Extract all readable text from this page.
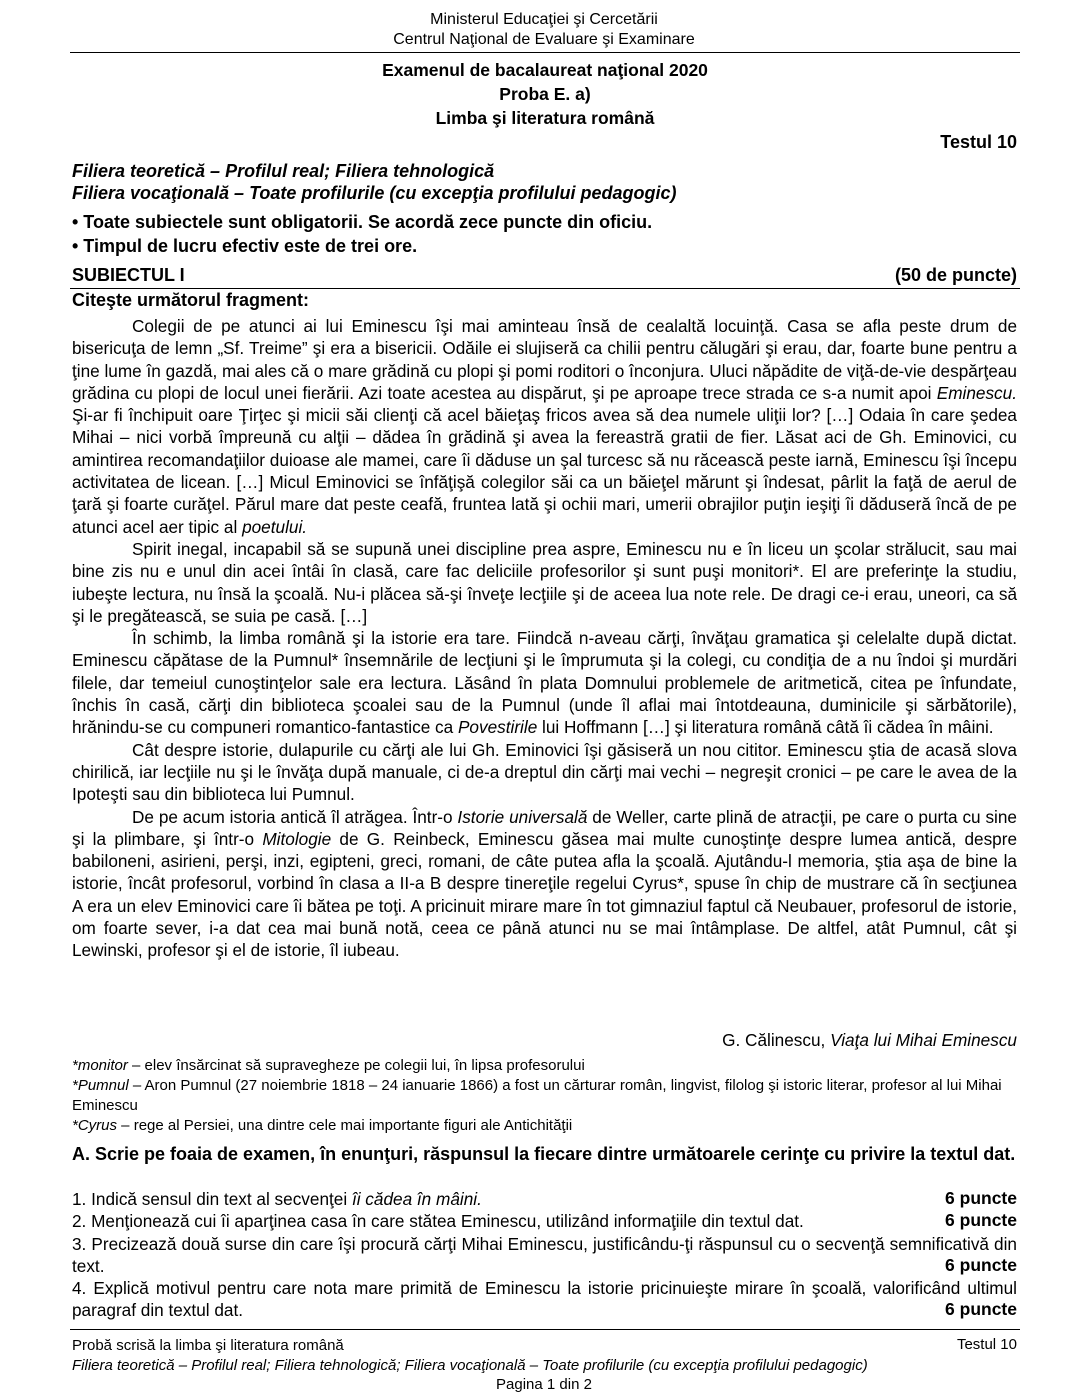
Ministerul Educaţiei şi Cercetării
Centrul Naţional de Evaluare şi Examinare
Examenul de bacalaureat naţional 2020
Proba E. a)
Limba şi literatura română
Testul 10
Filiera teoretică – Profilul real; Filiera tehnologică
Filiera vocaţională – Toate profilurile (cu excepţia profilului pedagogic)
• Toate subiectele sunt obligatorii. Se acordă zece puncte din oficiu.
• Timpul de lucru efectiv este de trei ore.
SUBIECTUL I	(50 de puncte)
Citeşte următorul fragment:

Colegii de pe atunci ai lui Eminescu îşi mai aminteau însă de cealaltă locuinţă. Casa se afla peste drum de bisericuţa de lemn „Sf. Treime” şi era a bisericii. Odăile ei slujiseră ca chilii pentru călugări şi erau, dar, foarte bune pentru a ţine lume în gazdă, mai ales că o mare grădină cu plopi şi pomi roditori o înconjura. Uluci năpădite de viţă-de-vie despărţeau grădina cu plopi de locul unei fierării. Azi toate acestea au dispărut, şi pe aproape trece strada ce s-a numit apoi Eminescu. Şi-ar fi închipuit oare Ţirţec şi micii săi clienţi că acel băieţaş fricos avea să dea numele uliţii lor? […] Odaia în care şedea Mihai – nici vorbă împreună cu alţii – dădea în grădină şi avea la fereastră gratii de fier. Lăsat aci de Gh. Eminovici, cu amintirea recomandaţiilor duioase ale mamei, care îi dăduse un şal turcesc să nu răcească peste iarnă, Eminescu îşi începu activitatea de licean. […] Micul Eminovici se înfăţişă colegilor săi ca un băieţel mărunt şi îndesat, pârlit la faţă de aerul de ţară şi foarte curăţel. Părul mare dat peste ceafă, fruntea lată şi ochii mari, umerii obrajilor puţin ieşiţi îi dăduseră încă de pe atunci acel aer tipic al poetului.

Spirit inegal, incapabil să se supună unei discipline prea aspre, Eminescu nu e în liceu un şcolar strălucit, sau mai bine zis nu e unul din acei întâi în clasă, care fac deliciile profesorilor şi sunt puşi monitori*. El are preferinţe la studiu, iubeşte lectura, nu însă la şcoală. Nu-i plăcea să-şi înveţe lecţiile şi de aceea lua note rele. De dragi ce-i erau, uneori, ca să şi le pregătească, se suia pe casă. […]

În schimb, la limba română şi la istorie era tare. Fiindcă n-aveau cărţi, învăţau gramatica şi celelalte după dictat. Eminescu căpătase de la Pumnul* însemnările de lecţiuni şi le împrumuta şi la colegi, cu condiţia de a nu îndoi şi murdări filele, dar temeiul cunoştinţelor sale era lectura. Lăsând în plata Domnului problemele de aritmetică, citea pe înfundate, închis în casă, cărţi din biblioteca şcoalei sau de la Pumnul (unde îl aflai mai întotdeauna, duminicile şi sărbătorile), hrănindu-se cu compuneri romantico-fantastice ca Povestirile lui Hoffmann […] şi literatura română câtă îi cădea în mâini.

Cât despre istorie, dulapurile cu cărţi ale lui Gh. Eminovici îşi găsiseră un nou cititor. Eminescu ştia de acasă slova chirilică, iar lecţiile nu şi le învăţa după manuale, ci de-a dreptul din cărţi mai vechi – negreşit cronici – pe care le avea de la Ipoteşti sau din biblioteca lui Pumnul.

De pe acum istoria antică îl atrăgea. Într-o Istorie universală de Weller, carte plină de atracţii, pe care o purta cu sine şi la plimbare, şi într-o Mitologie de G. Reinbeck, Eminescu găsea mai multe cunoştinţe despre lumea antică, despre babiloneni, asirieni, perşi, inzi, egipteni, greci, romani, de câte putea afla la şcoală. Ajutându-l memoria, ştia aşa de bine la istorie, încât profesorul, vorbind în clasa a II-a B despre tinereţile regelui Cyrus*, spuse în chip de mustrare că în secţiunea A era un elev Eminovici care îi bătea pe toţi. A pricinuit mirare mare în tot gimnaziul faptul că Neubauer, profesorul de istorie, om foarte sever, i-a dat cea mai bună notă, ceea ce până atunci nu se mai întâmplase. De altfel, atât Pumnul, cât şi Lewinski, profesor şi el de istorie, îl iubeau.

G. Călinescu, Viaţa lui Mihai Eminescu
*monitor – elev însărcinat să supravegheze pe colegii lui, în lipsa profesorului
*Pumnul – Aron Pumnul (27 noiembrie 1818 – 24 ianuarie 1866) a fost un cărturar român, lingvist, filolog şi istoric literar, profesor al lui Mihai Eminescu
*Cyrus – rege al Persiei, una dintre cele mai importante figuri ale Antichităţii
A. Scrie pe foaia de examen, în enunţuri, răspunsul la fiecare dintre următoarele cerinţe cu privire la textul dat.
1. Indică sensul din text al secvenţei îi cădea în mâini.	6 puncte
2. Menţionează cui îi aparţinea casa în care stătea Eminescu, utilizând informaţiile din textul dat.	6 puncte
3. Precizează două surse din care îşi procură cărţi Mihai Eminescu, justificându-ţi răspunsul cu o secvenţă semnificativă din text.	6 puncte
4. Explică motivul pentru care nota mare primită de Eminescu la istorie pricinuieşte mirare în şcoală, valorificând ultimul paragraf din textul dat.	6 puncte
Probă scrisă la limba şi literatura română	Testul 10
Filiera teoretică – Profilul real; Filiera tehnologică; Filiera vocaţională – Toate profilurile (cu excepţia profilului pedagogic)
Pagina 1 din 2
